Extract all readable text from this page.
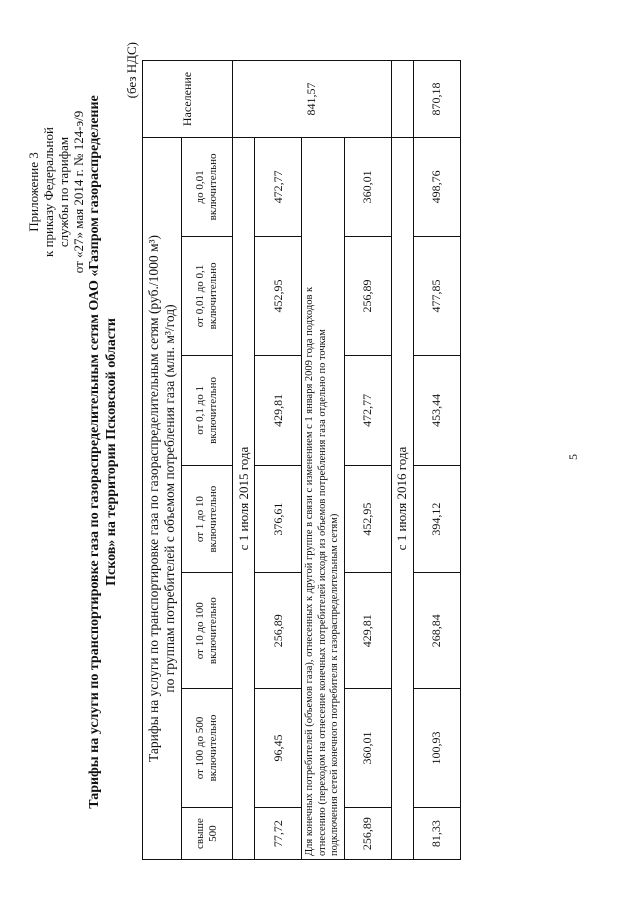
Приложение 3 к приказу Федеральной службы по тарифам от «27» мая 2014 г. № 124-э/9 Тарифы на услуги по транспортировке газа по газораспределительным сетям ОАО «Газпром газораспределение Псков» на территории Псковской области
(без НДС)
Тарифы на услуги по транспортировке газа по газораспределительным сетям (руб./1000 м³) по группам потребителей с объемом потребления газа (млн. м³/год)							Население
свыше 500	от 100 до 500 включительно	от 10 до 100 включительно	от 1 до 10 включительно	от 0,1 до 1 включительно	от 0,01 до 0,1 включительно	до 0,01 включительно	
с 1 июля 2015 года							841,57
77,72	96,45	256,89	376,61	429,81	452,95	472,77	

Для конечных потребителей (объемов газа), отнесенных к другой группе в связи с изменением с 1 января 2009 года подходов к отнесению (переходом на отнесение конечных потребителей исходя из объемов потребления газа отдельно по точкам подключения сетей конечного потребителя к газораспределительным сетям)							

256,89	360,01	429,81	452,95	472,77	256,89	360,01	
с 1 июля 2016 года							
81,33	100,93	268,84	394,12	453,44	477,85	498,76	870,18
5
